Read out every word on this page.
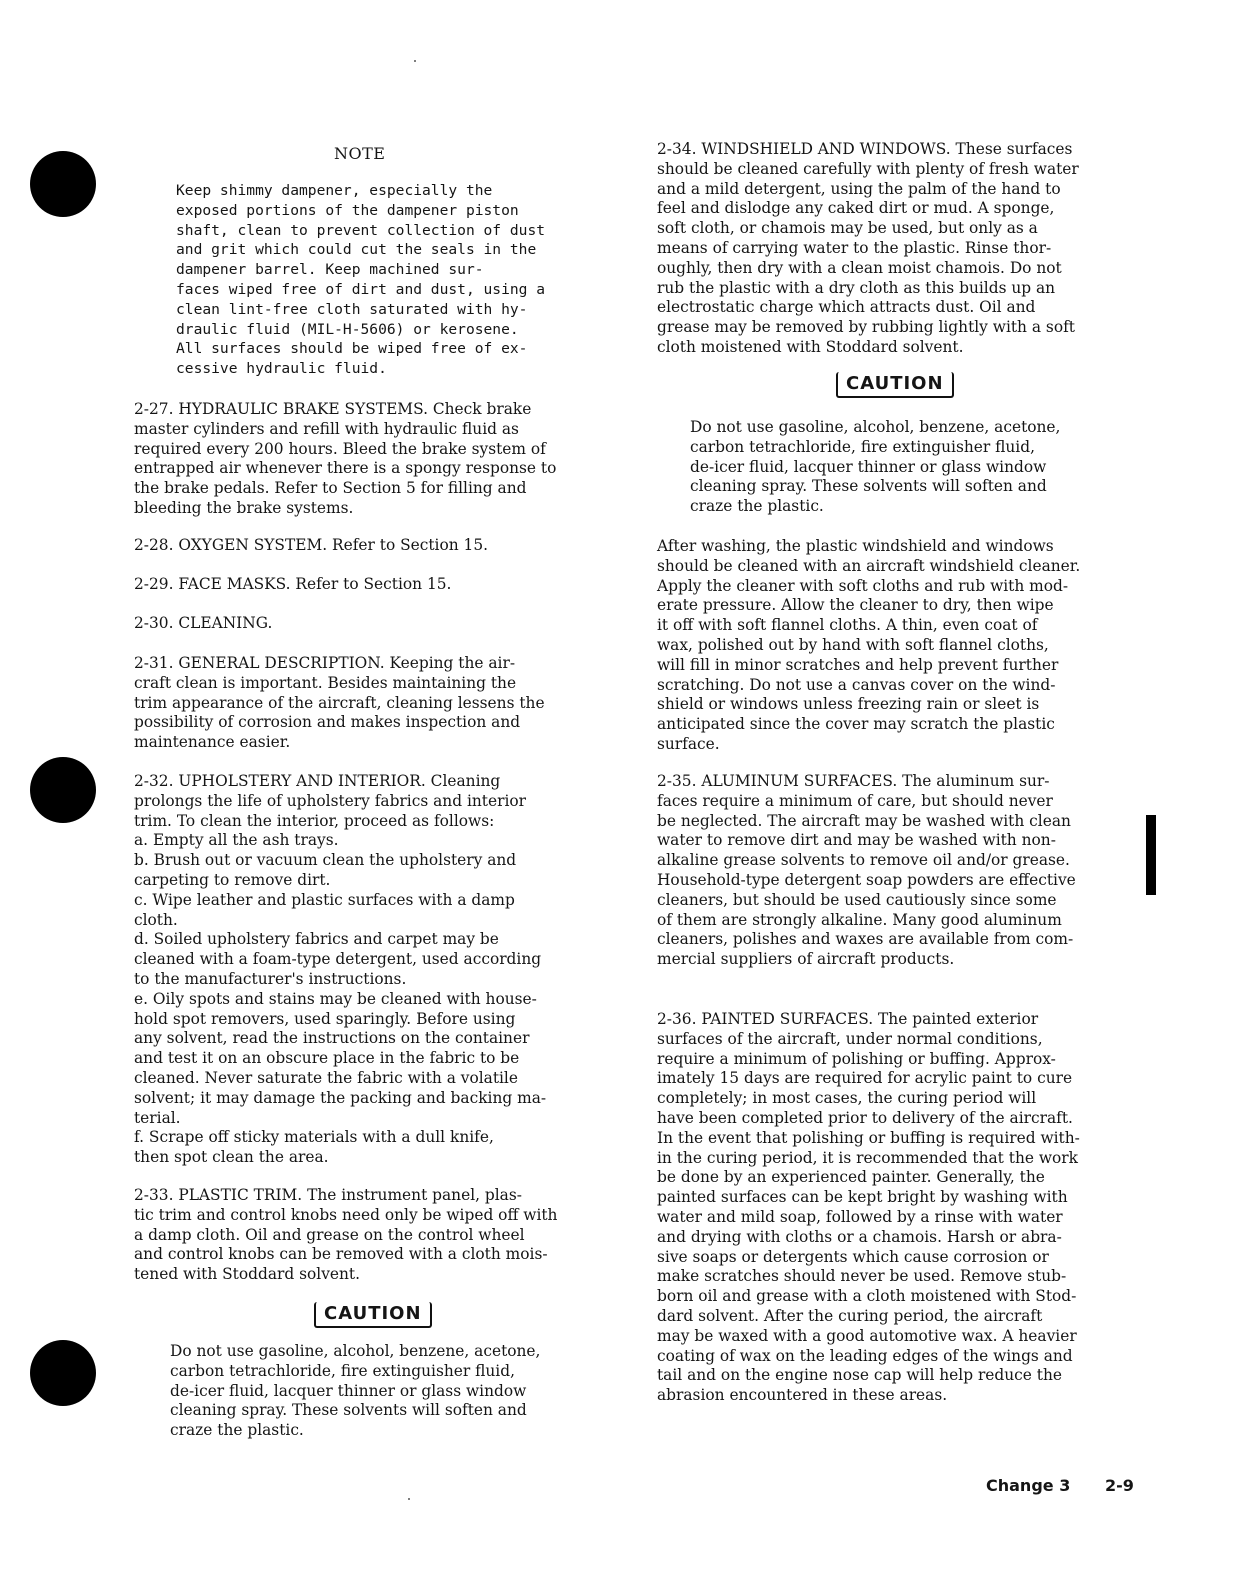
NOTE

Keep shimmy dampener, especially the

exposed portions of the dampener piston

shaft, clean to prevent collection of dust

and grit which could cut the seals in the

dampener barrel. Keep machined sur-

faces wiped free of dirt and dust, using a

clean lint-free cloth saturated with hy-

draulic fluid (MIL-H-5606) or kerosene.

All surfaces should be wiped free of ex-

cessive hydraulic fluid.

2-27. HYDRAULIC BRAKE SYSTEMS. Check brake

master cylinders and refill with hydraulic fluid as

required every 200 hours. Bleed the brake system of

entrapped air whenever there is a spongy response to

the brake pedals. Refer to Section 5 for filling and

bleeding the brake systems.

2-28. OXYGEN SYSTEM. Refer to Section 15.

2-29. FACE MASKS. Refer to Section 15.

2-30. CLEANING.

2-31. GENERAL DESCRIPTION. Keeping the air-

craft clean is important. Besides maintaining the

trim appearance of the aircraft, cleaning lessens the

possibility of corrosion and makes inspection and

maintenance easier.

2-32. UPHOLSTERY AND INTERIOR. Cleaning

prolongs the life of upholstery fabrics and interior

trim. To clean the interior, proceed as follows:

a. Empty all the ash trays.

b. Brush out or vacuum clean the upholstery and

carpeting to remove dirt.

c. Wipe leather and plastic surfaces with a damp

cloth.

d. Soiled upholstery fabrics and carpet may be

cleaned with a foam-type detergent, used according

to the manufacturer's instructions.

e. Oily spots and stains may be cleaned with house-

hold spot removers, used sparingly. Before using

any solvent, read the instructions on the container

and test it on an obscure place in the fabric to be

cleaned. Never saturate the fabric with a volatile

solvent; it may damage the packing and backing ma-

terial.

f. Scrape off sticky materials with a dull knife,

then spot clean the area.

2-33. PLASTIC TRIM. The instrument panel, plas-

tic trim and control knobs need only be wiped off with

a damp cloth. Oil and grease on the control wheel

and control knobs can be removed with a cloth mois-

tened with Stoddard solvent.

CAUTION

Do not use gasoline, alcohol, benzene, acetone,

carbon tetrachloride, fire extinguisher fluid,

de-icer fluid, lacquer thinner or glass window

cleaning spray. These solvents will soften and

craze the plastic.

2-34. WINDSHIELD AND WINDOWS. These surfaces

should be cleaned carefully with plenty of fresh water

and a mild detergent, using the palm of the hand to

feel and dislodge any caked dirt or mud. A sponge,

soft cloth, or chamois may be used, but only as a

means of carrying water to the plastic. Rinse thor-

oughly, then dry with a clean moist chamois. Do not

rub the plastic with a dry cloth as this builds up an

electrostatic charge which attracts dust. Oil and

grease may be removed by rubbing lightly with a soft

cloth moistened with Stoddard solvent.

CAUTION

Do not use gasoline, alcohol, benzene, acetone,

carbon tetrachloride, fire extinguisher fluid,

de-icer fluid, lacquer thinner or glass window

cleaning spray. These solvents will soften and

craze the plastic.

After washing, the plastic windshield and windows

should be cleaned with an aircraft windshield cleaner.

Apply the cleaner with soft cloths and rub with mod-

erate pressure. Allow the cleaner to dry, then wipe

it off with soft flannel cloths. A thin, even coat of

wax, polished out by hand with soft flannel cloths,

will fill in minor scratches and help prevent further

scratching. Do not use a canvas cover on the wind-

shield or windows unless freezing rain or sleet is

anticipated since the cover may scratch the plastic

surface.

2-35. ALUMINUM SURFACES. The aluminum sur-

faces require a minimum of care, but should never

be neglected. The aircraft may be washed with clean

water to remove dirt and may be washed with non-

alkaline grease solvents to remove oil and/or grease.

Household-type detergent soap powders are effective

cleaners, but should be used cautiously since some

of them are strongly alkaline. Many good aluminum

cleaners, polishes and waxes are available from com-

mercial suppliers of aircraft products.

2-36. PAINTED SURFACES. The painted exterior

surfaces of the aircraft, under normal conditions,

require a minimum of polishing or buffing. Approx-

imately 15 days are required for acrylic paint to cure

completely; in most cases, the curing period will

have been completed prior to delivery of the aircraft.

In the event that polishing or buffing is required with-

in the curing period, it is recommended that the work

be done by an experienced painter. Generally, the

painted surfaces can be kept bright by washing with

water and mild soap, followed by a rinse with water

and drying with cloths or a chamois. Harsh or abra-

sive soaps or detergents which cause corrosion or

make scratches should never be used. Remove stub-

born oil and grease with a cloth moistened with Stod-

dard solvent. After the curing period, the aircraft

may be waxed with a good automotive wax. A heavier

coating of wax on the leading edges of the wings and

tail and on the engine nose cap will help reduce the

abrasion encountered in these areas.

Change 3 2-9
